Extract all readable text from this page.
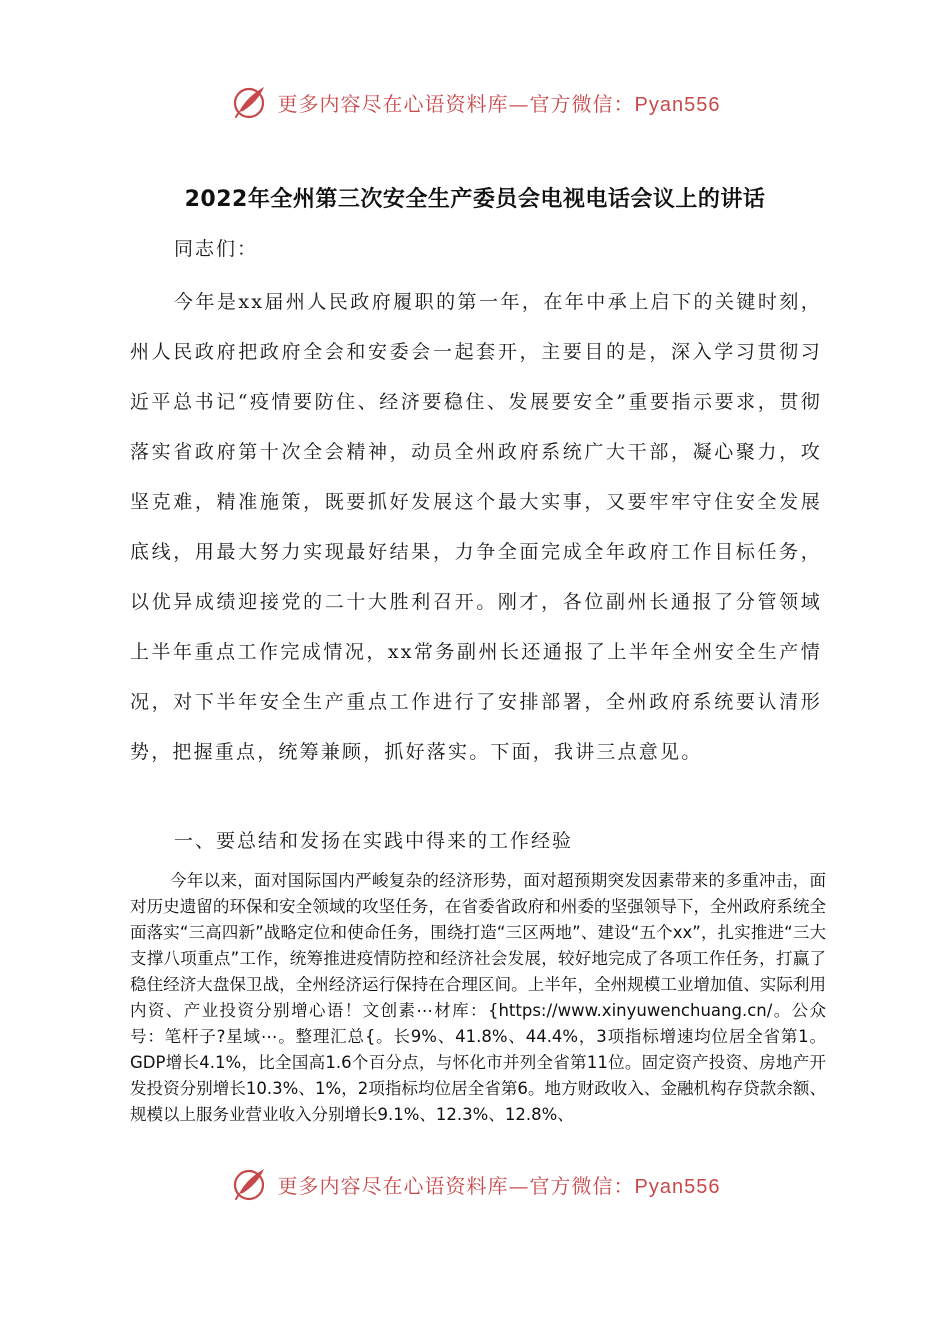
更多内容尽在心语资料库—官方微信：Pyan556
2022年全州第三次安全生产委员会电视电话会议上的讲话

同志们：

今年是xx届州人民政府履职的第一年，在年中承上启下的关键时刻，州人民政府把政府全会和安委会一起套开，主要目的是，深入学习贯彻习近平总书记“疫情要防住、经济要稳住、发展要安全”重要指示要求，贯彻落实省政府第十次全会精神，动员全州政府系统广大干部，凝心聚力，攻坚克难，精准施策，既要抓好发展这个最大实事，又要牢牢守住安全发展底线，用最大努力实现最好结果，力争全面完成全年政府工作目标任务，以优异成绩迎接党的二十大胜利召开。刚才，各位副州长通报了分管领域上半年重点工作完成情况，xx常务副州长还通报了上半年全州安全生产情况，对下半年安全生产重点工作进行了安排部署，全州政府系统要认清形势，把握重点，统筹兼顾，抓好落实。下面，我讲三点意见。

一、要总结和发扬在实践中得来的工作经验

今年以来，面对国际国内严峻复杂的经济形势，面对超预期突发因素带来的多重冲击，面对历史遗留的环保和安全领域的攻坚任务，在省委省政府和州委的坚强领导下，全州政府系统全面落实“三高四新”战略定位和使命任务，围绕打造“三区两地”、建设“五个xx”，扎实推进“三大支撑八项重点”工作，统筹推进疫情防控和经济社会发展，较好地完成了各项工作任务，打赢了稳住经济大盘保卫战，全州经济运行保持在合理区间。上半年，全州规模工业增加值、实际利用内资、产业投资分别增心语！文创素⋯材库：{https://www.xinyuwenchuang.cn/。公众号：笔杆子?星域⋯。整理汇总{。长9%、41.8%、44.4%，3项指标增速均位居全省第1。GDP增长4.1%，比全国高1.6个百分点，与怀化市并列全省第11位。固定资产投资、房地产开发投资分别增长10.3%、1%，2项指标均位居全省第6。地方财政收入、金融机构存贷款余额、规模以上服务业营业收入分别增长9.1%、12.3%、12.8%、

更多内容尽在心语资料库—官方微信：Pyan556
